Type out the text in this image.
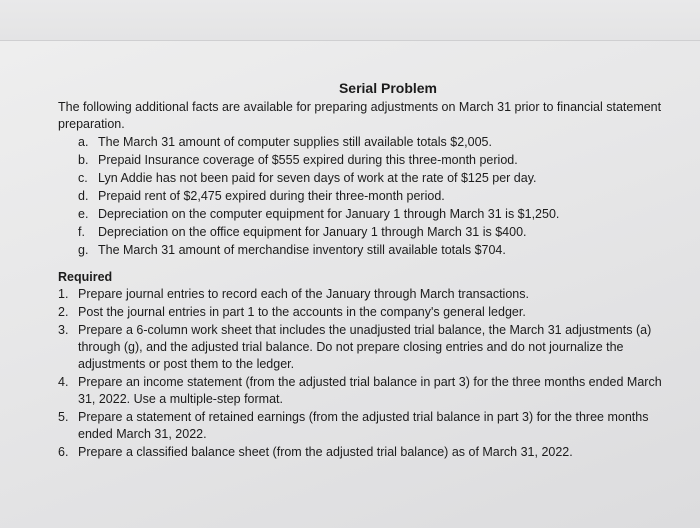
Serial Problem
The following additional facts are available for preparing adjustments on March 31 prior to financial statement preparation.
a. The March 31 amount of computer supplies still available totals $2,005.
b. Prepaid Insurance coverage of $555 expired during this three-month period.
c. Lyn Addie has not been paid for seven days of work at the rate of $125 per day.
d. Prepaid rent of $2,475 expired during their three-month period.
e. Depreciation on the computer equipment for January 1 through March 31 is $1,250.
f.	Depreciation on the office equipment for January 1 through March 31 is $400.
g. The March 31 amount of merchandise inventory still available totals $704.
Required
1. Prepare journal entries to record each of the January through March transactions.
2. Post the journal entries in part 1 to the accounts in the company's general ledger.
3. Prepare a 6-column work sheet that includes the unadjusted trial balance, the March 31 adjustments (a) through (g), and the adjusted trial balance. Do not prepare closing entries and do not journalize the adjustments or post them to the ledger.
4. Prepare an income statement (from the adjusted trial balance in part 3) for the three months ended March 31, 2022. Use a multiple-step format.
5. Prepare a statement of retained earnings (from the adjusted trial balance in part 3) for the three months ended March 31, 2022.
6. Prepare a classified balance sheet (from the adjusted trial balance) as of March 31, 2022.
